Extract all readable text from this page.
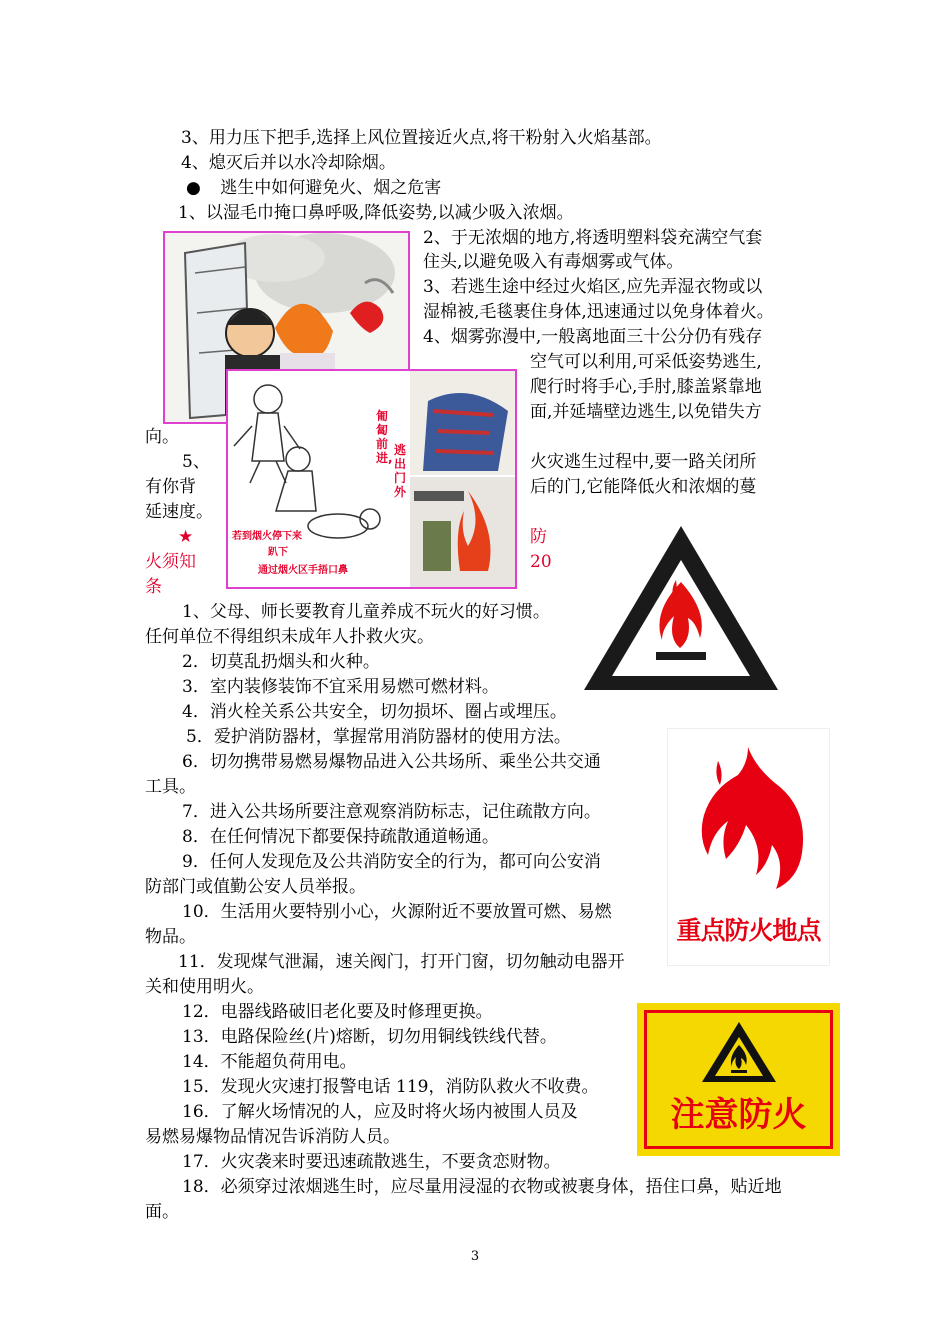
3、用力压下把手,选择上风位置接近火点,将干粉射入火焰基部。
4、熄灭后并以水冷却除烟。
● 逃生中如何避免火、烟之危害
1、以湿毛巾掩口鼻呼吸,降低姿势,以减少吸入浓烟。
匍匐前进,
逃出门外
若到烟火停下来
趴下
通过烟火区手捂口鼻
2、于无浓烟的地方,将透明塑料袋充满空气套
住头,以避免吸入有毒烟雾或气体。
3、若逃生途中经过火焰区,应先弄湿衣物或以
湿棉被,毛毯裹住身体,迅速通过以免身体着火。
4、烟雾弥漫中,一般离地面三十公分仍有残存
空气可以利用,可采低姿势逃生,
爬行时将手心,手肘,膝盖紧靠地
面,并延墙壁边逃生,以免错失方
向。
5、	火灾逃生过程中,要一路关闭所
有你背	后的门,它能降低火和浓烟的蔓
延速度。
★	防
火须知	20
条
重点防火地点
注意防火
1、父母、师长要教育儿童养成不玩火的好习惯。
任何单位不得组织未成年人扑救火灾。
2．切莫乱扔烟头和火种。
3．室内装修装饰不宜采用易燃可燃材料。
4．消火栓关系公共安全，切勿损坏、圈占或埋压。
5．爱护消防器材，掌握常用消防器材的使用方法。
6．切勿携带易燃易爆物品进入公共场所、乘坐公共交通
工具。
7．进入公共场所要注意观察消防标志，记住疏散方向。
8．在任何情况下都要保持疏散通道畅通。
9．任何人发现危及公共消防安全的行为，都可向公安消
防部门或值勤公安人员举报。
10．生活用火要特别小心，火源附近不要放置可燃、易燃
物品。
11．发现煤气泄漏，速关阀门，打开门窗，切勿触动电器开
关和使用明火。
12．电器线路破旧老化要及时修理更换。
13．电路保险丝(片)熔断，切勿用铜线铁线代替。
14．不能超负荷用电。
15．发现火灾速打报警电话 119，消防队救火不收费。
16．了解火场情况的人，应及时将火场内被围人员及
易燃易爆物品情况告诉消防人员。
17．火灾袭来时要迅速疏散逃生，不要贪恋财物。
18．必须穿过浓烟逃生时，应尽量用浸湿的衣物或被裹身体，捂住口鼻，贴近地
面。
3
